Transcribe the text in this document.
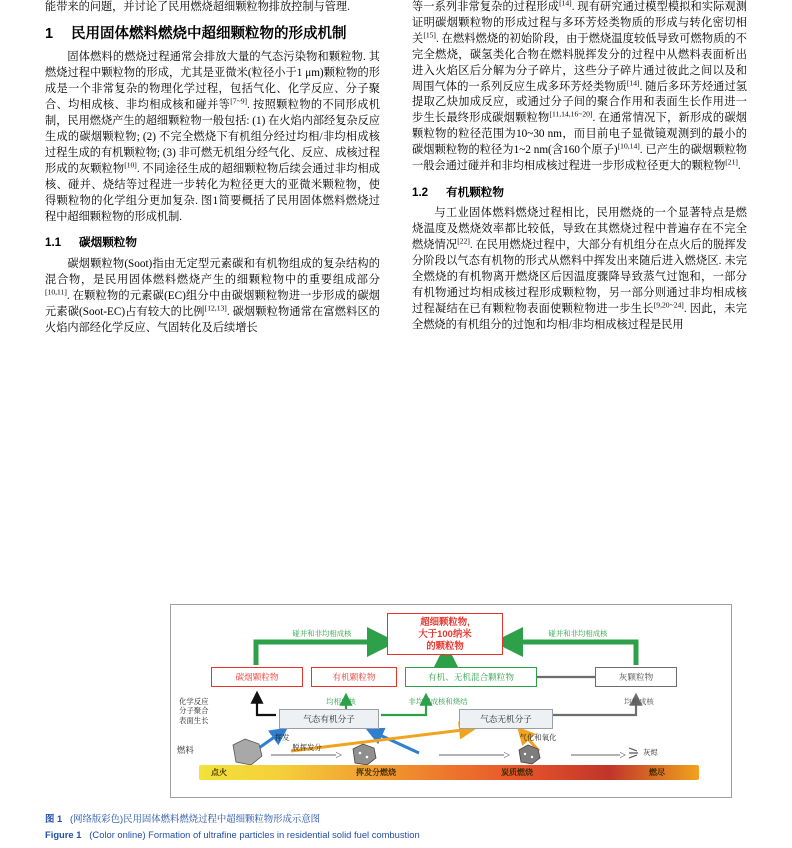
能带来的问题，并讨论了民用燃烧超细颗粒物排放控制与管理.

1	民用固体燃料燃烧中超细颗粒物的形成机制

固体燃料的燃烧过程通常会排放大量的气态污染物和颗粒物. 其燃烧过程中颗粒物的形成，尤其是亚微米(粒径小于1 μm)颗粒物的形成是一个非常复杂的物理化学过程，包括气化、化学反应、分子聚合、均相成核、非均相成核和碰并等[7~9]. 按照颗粒物的不同形成机制，民用燃烧产生的超细颗粒物一般包括: (1) 在火焰内部经复杂反应生成的碳烟颗粒物; (2) 不完全燃烧下有机组分经过均相/非均相成核过程生成的有机颗粒物; (3) 非可燃无机组分经气化、反应、成核过程形成的灰颗粒物[10]. 不同途径生成的超细颗粒物后续会通过非均相成核、碰并、烧结等过程进一步转化为粒径更大的亚微米颗粒物，使得颗粒物的化学组分更加复杂. 图1简要概括了民用固体燃料燃烧过程中超细颗粒物的形成机制.

1.1	碳烟颗粒物

碳烟颗粒物(Soot)指由无定型元素碳和有机物组成的复杂结构的混合物，是民用固体燃料燃烧产生的细颗粒物中的重要组成部分[10,11]. 在颗粒物的元素碳(EC)组分中由碳烟颗粒物进一步形成的碳烟元素碳(Soot-EC)占有较大的比例[12,13]. 碳烟颗粒物通常在富燃料区的火焰内部经化学反应、气固转化及后续增长

等一系列非常复杂的过程形成[14]. 现有研究通过模型模拟和实际观测证明碳烟颗粒物的形成过程与多环芳烃类物质的形成与转化密切相关[15]. 在燃料燃烧的初始阶段，由于燃烧温度较低导致可燃物质的不完全燃烧，碳氢类化合物在燃料脱挥发分的过程中从燃料表面析出进入火焰区后分解为分子碎片，这些分子碎片通过彼此之间以及和周围气体的一系列反应生成多环芳烃类物质[14]. 随后多环芳烃通过氢提取乙炔加成反应，或通过分子间的聚合作用和表面生长作用进一步生长最终形成碳烟颗粒物[11,14,16~20]. 在通常情况下，新形成的碳烟颗粒物的粒径范围为10~30 nm，而目前电子显微镜观测到的最小的碳烟颗粒物的粒径为1~2 nm(含160个原子)[10,14]. 已产生的碳烟颗粒物一般会通过碰并和非均相成核过程进一步形成粒径更大的颗粒物[21].

1.2	有机颗粒物

与工业固体燃料燃烧过程相比，民用燃烧的一个显著特点是燃烧温度及燃烧效率都比较低，导致在其燃烧过程中普遍存在不完全燃烧情况[22]. 在民用燃烧过程中，大部分有机组分在点火后的脱挥发分阶段以气态有机物的形式从燃料中挥发出来随后进入燃烧区. 未完全燃烧的有机物离开燃烧区后因温度骤降导致蒸气过饱和，一部分有机物通过均相成核过程形成颗粒物，另一部分则通过非均相成核过程凝结在已有颗粒物表面使颗粒物进一步生长[9,20~24]. 因此，未完全燃烧的有机组分的过饱和均相/非均相成核过程是民用

超细颗粒物,
大于100纳米
的颗粒物
碳烟颗粒物	有机颗粒物	有机、无机混合颗粒物	灰颗粒物
气态有机分子	气态无机分子
碰并和非均相成核	碰并和非均相成核
均相成核	非均相成核和烧结	均相成核
化学反应
分子聚合
表面生长
挥发	气化和氧化
脱挥发分
燃料	灰烬
点火	挥发分燃烧	炭质燃烧	燃尽
图 1 (网络版彩色)民用固体燃料燃烧过程中超细颗粒物形成示意图
Figure 1 (Color online) Formation of ultrafine particles in residential solid fuel combustion
